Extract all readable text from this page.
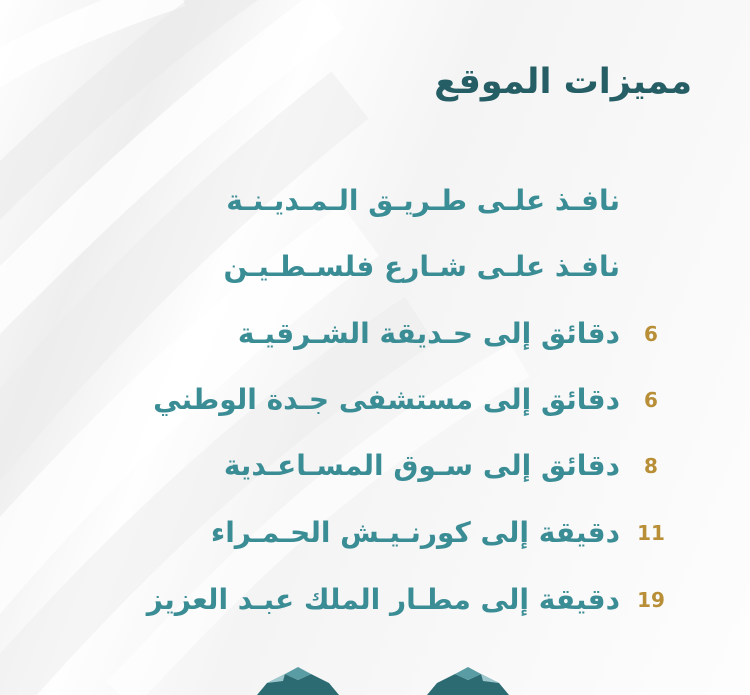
مميزات الموقع
نافـذ علـى طـريـق الـمـديـنـة
نافـذ علـى شـارع فلسـطـيـن
6
دقائق إلى حـديقة الشـرقيـة
6
دقائق إلى مستشفى جـدة الوطني
8
دقائق إلى سـوق المسـاعـدية
11
دقيقة إلى كورنـيـش الحـمـراء
19
دقيقة إلى مطـار الملك عبـد العزيز
